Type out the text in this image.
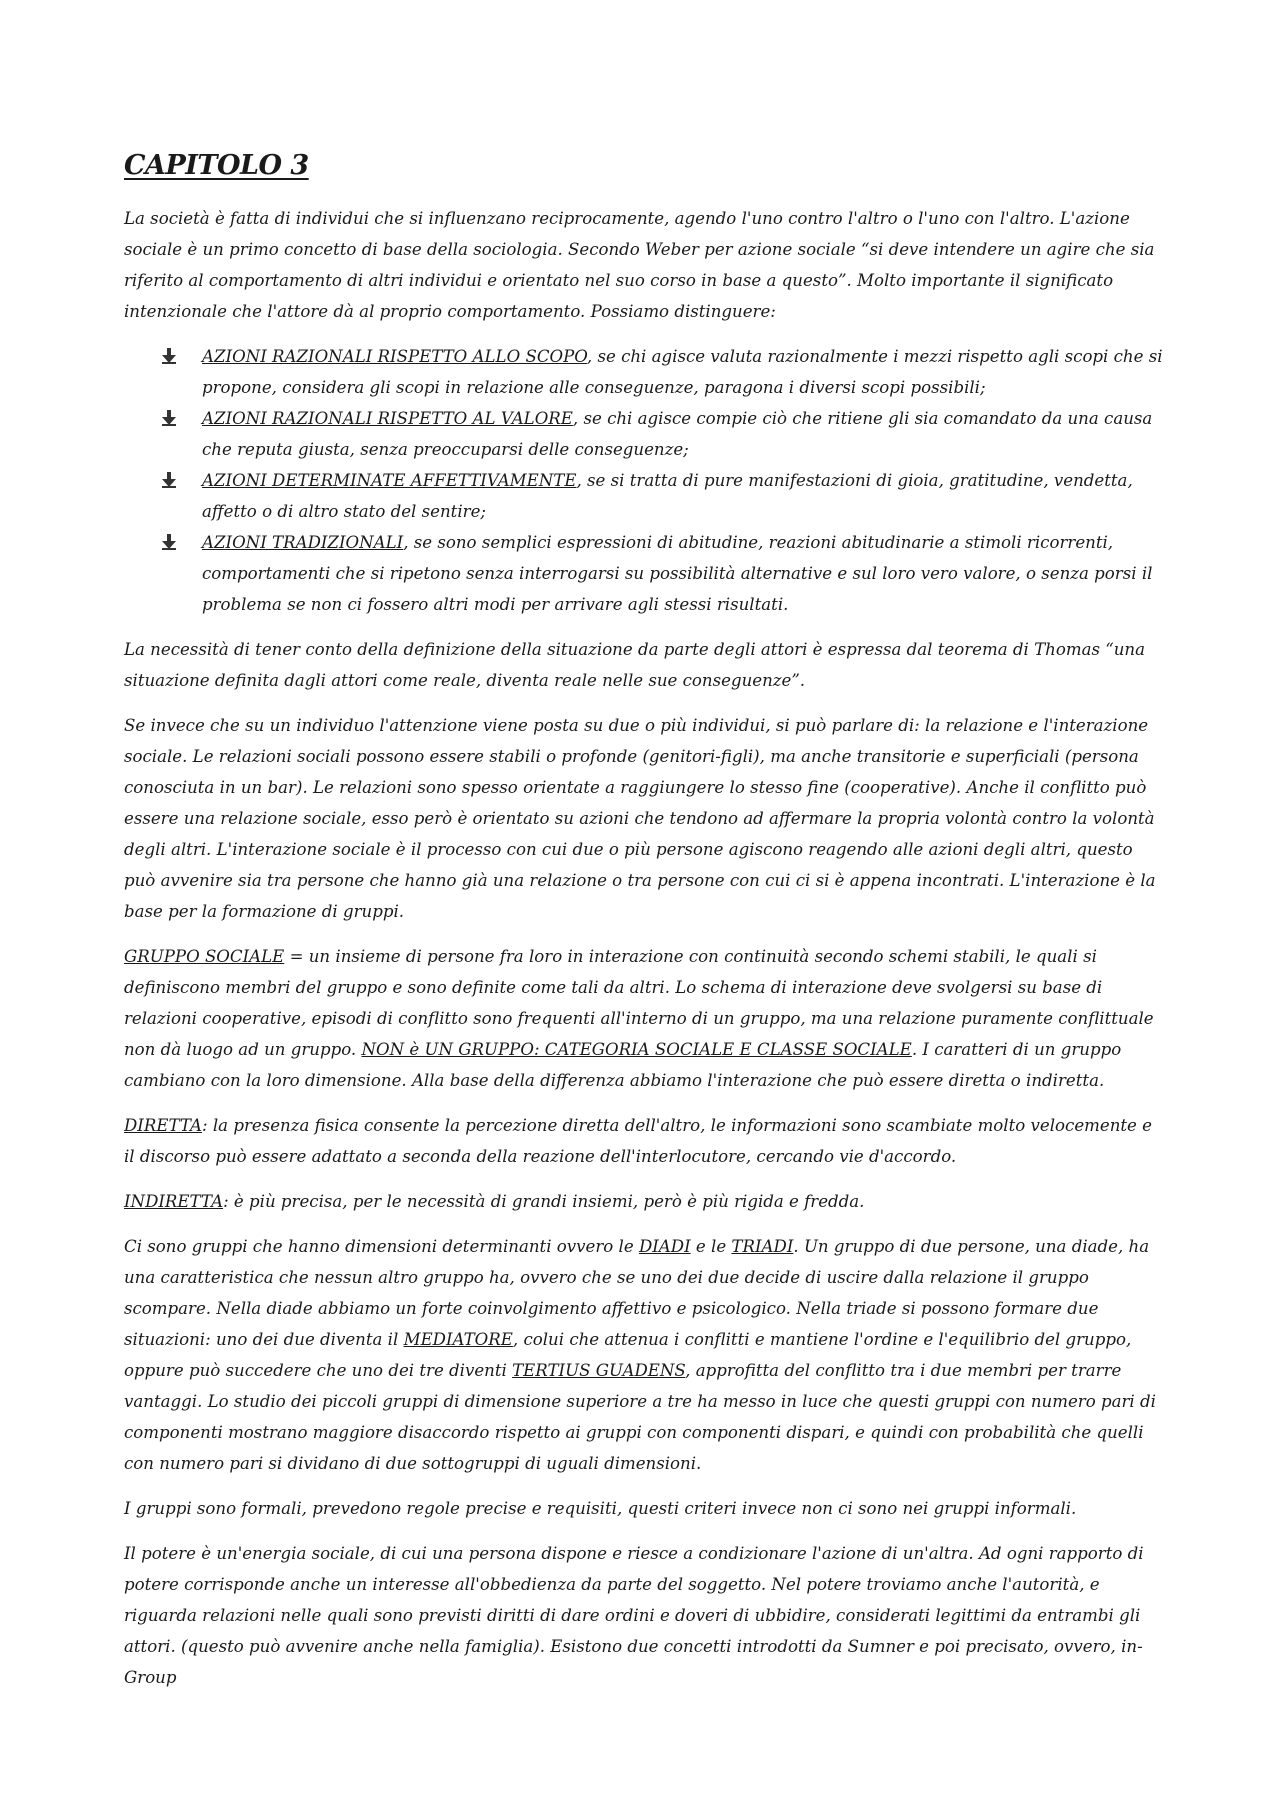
CAPITOLO 3

La società è fatta di individui che si influenzano reciprocamente, agendo l'uno contro l'altro o l'uno con l'altro. L'azione sociale è un primo concetto di base della sociologia. Secondo Weber per azione sociale “si deve intendere un agire che sia riferito al comportamento di altri individui e orientato nel suo corso in base a questo”. Molto importante il significato intenzionale che l'attore dà al proprio comportamento. Possiamo distinguere:

AZIONI RAZIONALI RISPETTO ALLO SCOPO, se chi agisce valuta razionalmente i mezzi rispetto agli scopi che si propone, considera gli scopi in relazione alle conseguenze, paragona i diversi scopi possibili;
AZIONI RAZIONALI RISPETTO AL VALORE, se chi agisce compie ciò che ritiene gli sia comandato da una causa che reputa giusta, senza preoccuparsi delle conseguenze;
AZIONI DETERMINATE AFFETTIVAMENTE, se si tratta di pure manifestazioni di gioia, gratitudine, vendetta, affetto o di altro stato del sentire;
AZIONI TRADIZIONALI, se sono semplici espressioni di abitudine, reazioni abitudinarie a stimoli ricorrenti, comportamenti che si ripetono senza interrogarsi su possibilità alternative e sul loro vero valore, o senza porsi il problema se non ci fossero altri modi per arrivare agli stessi risultati.

La necessità di tener conto della definizione della situazione da parte degli attori è espressa dal teorema di Thomas “una situazione definita dagli attori come reale, diventa reale nelle sue conseguenze”.

Se invece che su un individuo l'attenzione viene posta su due o più individui, si può parlare di: la relazione e l'interazione sociale. Le relazioni sociali possono essere stabili o profonde (genitori-figli), ma anche transitorie e superficiali (persona conosciuta in un bar). Le relazioni sono spesso orientate a raggiungere lo stesso fine (cooperative). Anche il conflitto può essere una relazione sociale, esso però è orientato su azioni che tendono ad affermare la propria volontà contro la volontà degli altri. L'interazione sociale è il processo con cui due o più persone agiscono reagendo alle azioni degli altri, questo può avvenire sia tra persone che hanno già una relazione o tra persone con cui ci si è appena incontrati. L'interazione è la base per la formazione di gruppi.

GRUPPO SOCIALE = un insieme di persone fra loro in interazione con continuità secondo schemi stabili, le quali si definiscono membri del gruppo e sono definite come tali da altri. Lo schema di interazione deve svolgersi su base di relazioni cooperative, episodi di conflitto sono frequenti all'interno di un gruppo, ma una relazione puramente conflittuale non dà luogo ad un gruppo. NON è UN GRUPPO: CATEGORIA SOCIALE E CLASSE SOCIALE. I caratteri di un gruppo cambiano con la loro dimensione. Alla base della differenza abbiamo l'interazione che può essere diretta o indiretta.

DIRETTA: la presenza fisica consente la percezione diretta dell'altro, le informazioni sono scambiate molto velocemente e il discorso può essere adattato a seconda della reazione dell'interlocutore, cercando vie d'accordo.

INDIRETTA: è più precisa, per le necessità di grandi insiemi, però è più rigida e fredda.

Ci sono gruppi che hanno dimensioni determinanti ovvero le DIADI e le TRIADI. Un gruppo di due persone, una diade, ha una caratteristica che nessun altro gruppo ha, ovvero che se uno dei due decide di uscire dalla relazione il gruppo scompare. Nella diade abbiamo un forte coinvolgimento affettivo e psicologico. Nella triade si possono formare due situazioni: uno dei due diventa il MEDIATORE, colui che attenua i conflitti e mantiene l'ordine e l'equilibrio del gruppo, oppure può succedere che uno dei tre diventi TERTIUS GUADENS, approfitta del conflitto tra i due membri per trarre vantaggi. Lo studio dei piccoli gruppi di dimensione superiore a tre ha messo in luce che questi gruppi con numero pari di componenti mostrano maggiore disaccordo rispetto ai gruppi con componenti dispari, e quindi con probabilità che quelli con numero pari si dividano di due sottogruppi di uguali dimensioni.

I gruppi sono formali, prevedono regole precise e requisiti, questi criteri invece non ci sono nei gruppi informali.

Il potere è un'energia sociale, di cui una persona dispone e riesce a condizionare l'azione di un'altra. Ad ogni rapporto di potere corrisponde anche un interesse all'obbedienza da parte del soggetto. Nel potere troviamo anche l'autorità, e riguarda relazioni nelle quali sono previsti diritti di dare ordini e doveri di ubbidire, considerati legittimi da entrambi gli attori. (questo può avvenire anche nella famiglia). Esistono due concetti introdotti da Sumner e poi precisato, ovvero, in-Group
